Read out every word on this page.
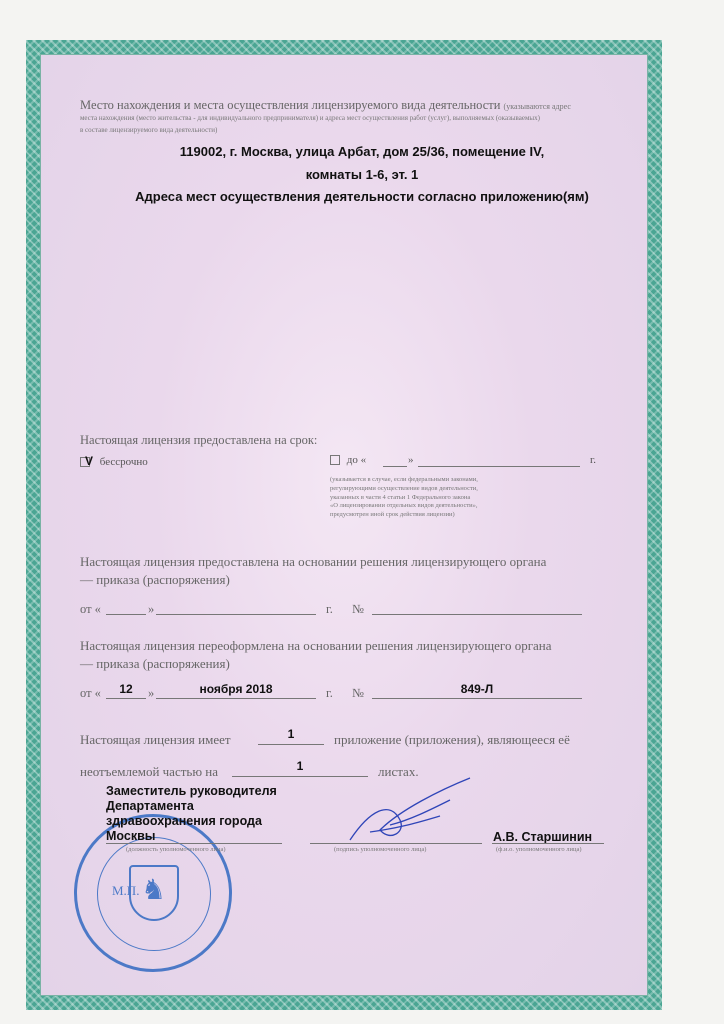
Место нахождения и места осуществления лицензируемого вида деятельности (указываются адрес
места нахождения (место жительства - для индивидуального предпринимателя) и адреса мест осуществления работ (услуг), выполняемых (оказываемых)
в составе лицензируемого вида деятельности)
119002, г. Москва, улица Арбат, дом 25/36, помещение IV,
комнаты 1-6, эт. 1
Адреса мест осуществления деятельности согласно приложению(ям)
Настоящая лицензия предоставлена на срок:
V бессрочно	до «	»	г.
(указывается в случае, если федеральными законами,
регулирующими осуществление видов деятельности,
указанных в части 4 статьи 1 Федерального закона
«О лицензировании отдельных видов деятельности»,
предусмотрен иной срок действия лицензии)
Настоящая лицензия предоставлена на основании решения лицензирующего органа
— приказа (распоряжения)
от «	»	г. №
Настоящая лицензия переоформлена на основании решения лицензирующего органа
— приказа (распоряжения)
от «	12	»	ноября 2018	г. №	849-Л
Настоящая лицензия имеет	1	приложение (приложения), являющееся её
неотъемлемой частью на	1	листах.
♞
М.П.
Заместитель руководителя
Департамента
здравоохранения города
Москвы
(должность уполномоченного лица)	(подпись уполномоченного лица)
А.В. Старшинин
(ф.и.о. уполномоченного лица)
